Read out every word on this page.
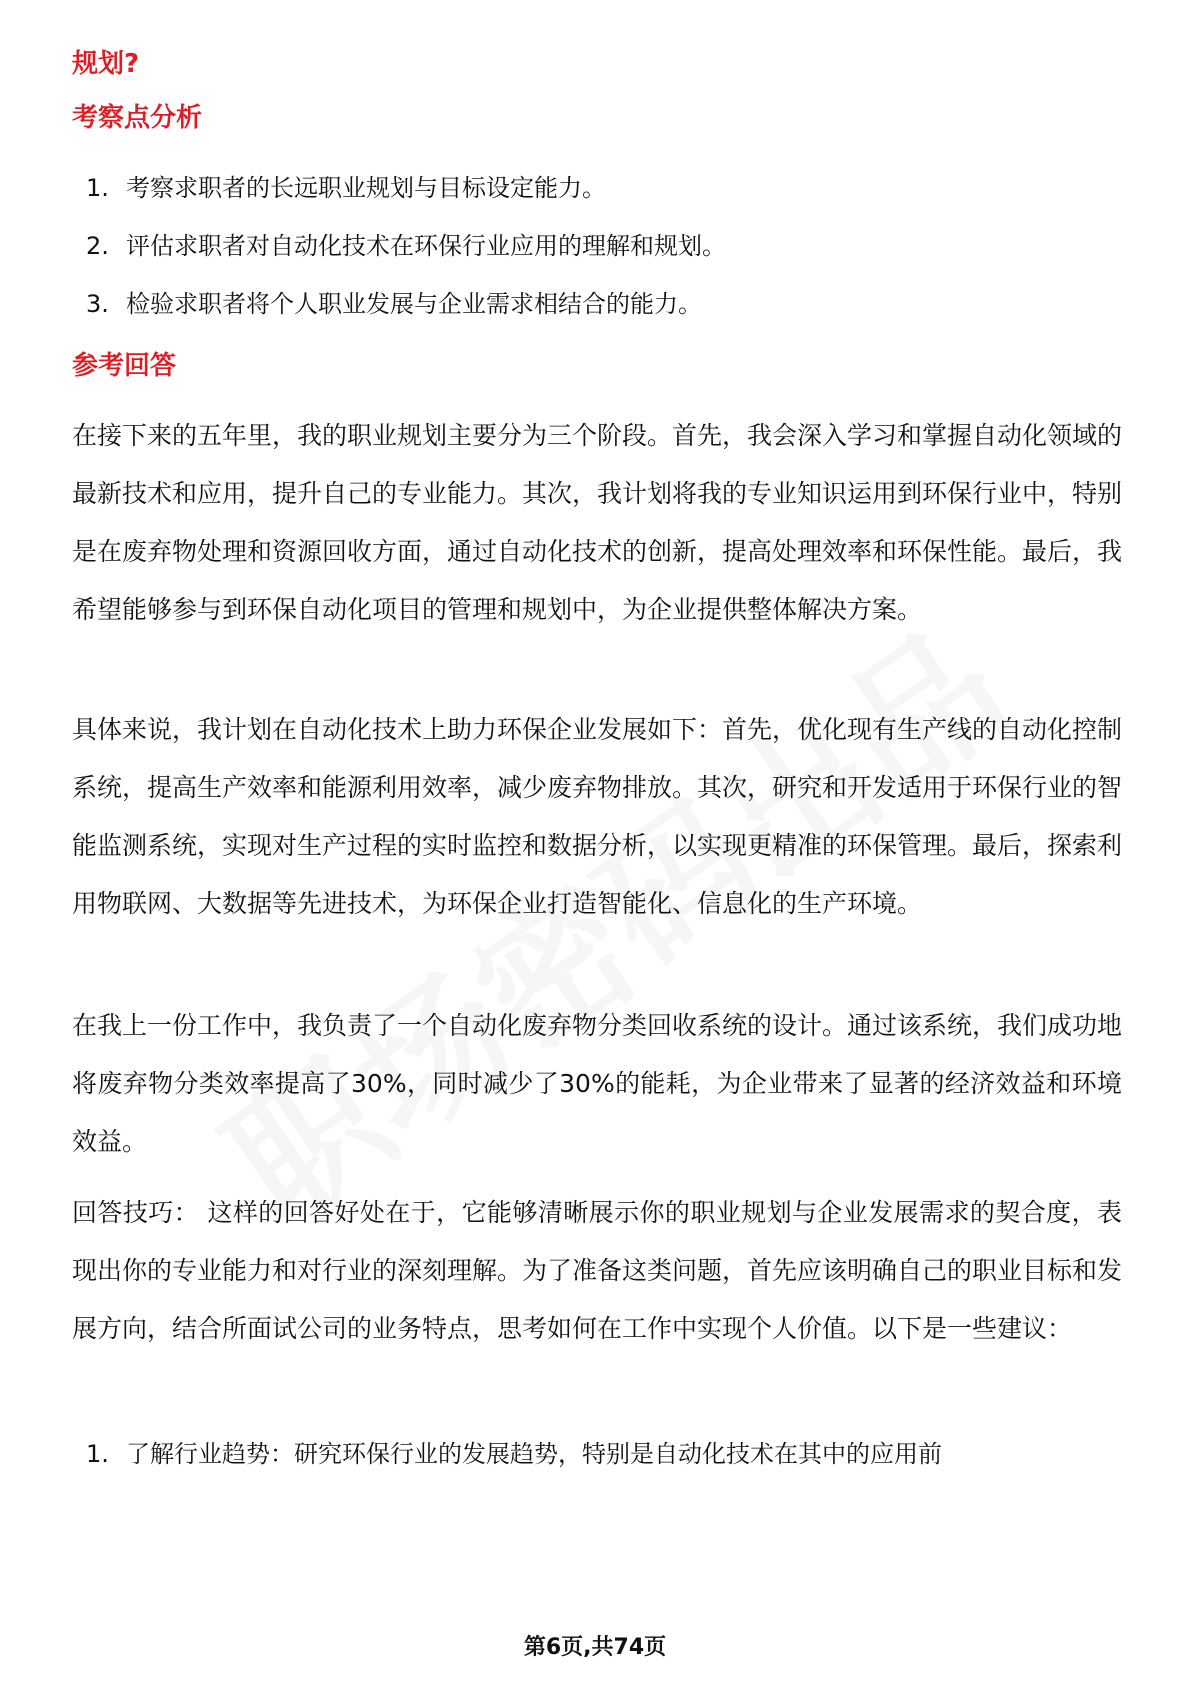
规划?
考察点分析
1. 考察求职者的长远职业规划与目标设定能力。
2. 评估求职者对自动化技术在环保行业应用的理解和规划。
3. 检验求职者将个人职业发展与企业需求相结合的能力。
参考回答

在接下来的五年里，我的职业规划主要分为三个阶段。首先，我会深入学习和掌握自动化领域的最新技术和应用，提升自己的专业能力。其次，我计划将我的专业知识运用到环保行业中，特别是在废弃物处理和资源回收方面，通过自动化技术的创新，提高处理效率和环保性能。最后，我希望能够参与到环保自动化项目的管理和规划中，为企业提供整体解决方案。

具体来说，我计划在自动化技术上助力环保企业发展如下：首先，优化现有生产线的自动化控制系统，提高生产效率和能源利用效率，减少废弃物排放。其次，研究和开发适用于环保行业的智能监测系统，实现对生产过程的实时监控和数据分析，以实现更精准的环保管理。最后，探索利用物联网、大数据等先进技术，为环保企业打造智能化、信息化的生产环境。

在我上一份工作中，我负责了一个自动化废弃物分类回收系统的设计。通过该系统，我们成功地将废弃物分类效率提高了30%，同时减少了30%的能耗，为企业带来了显著的经济效益和环境效益。

回答技巧： 这样的回答好处在于，它能够清晰展示你的职业规划与企业发展需求的契合度，表现出你的专业能力和对行业的深刻理解。为了准备这类问题，首先应该明确自己的职业目标和发展方向，结合所面试公司的业务特点，思考如何在工作中实现个人价值。以下是一些建议：

1. 了解行业趋势：研究环保行业的发展趋势，特别是自动化技术在其中的应用前
第6页,共74页
